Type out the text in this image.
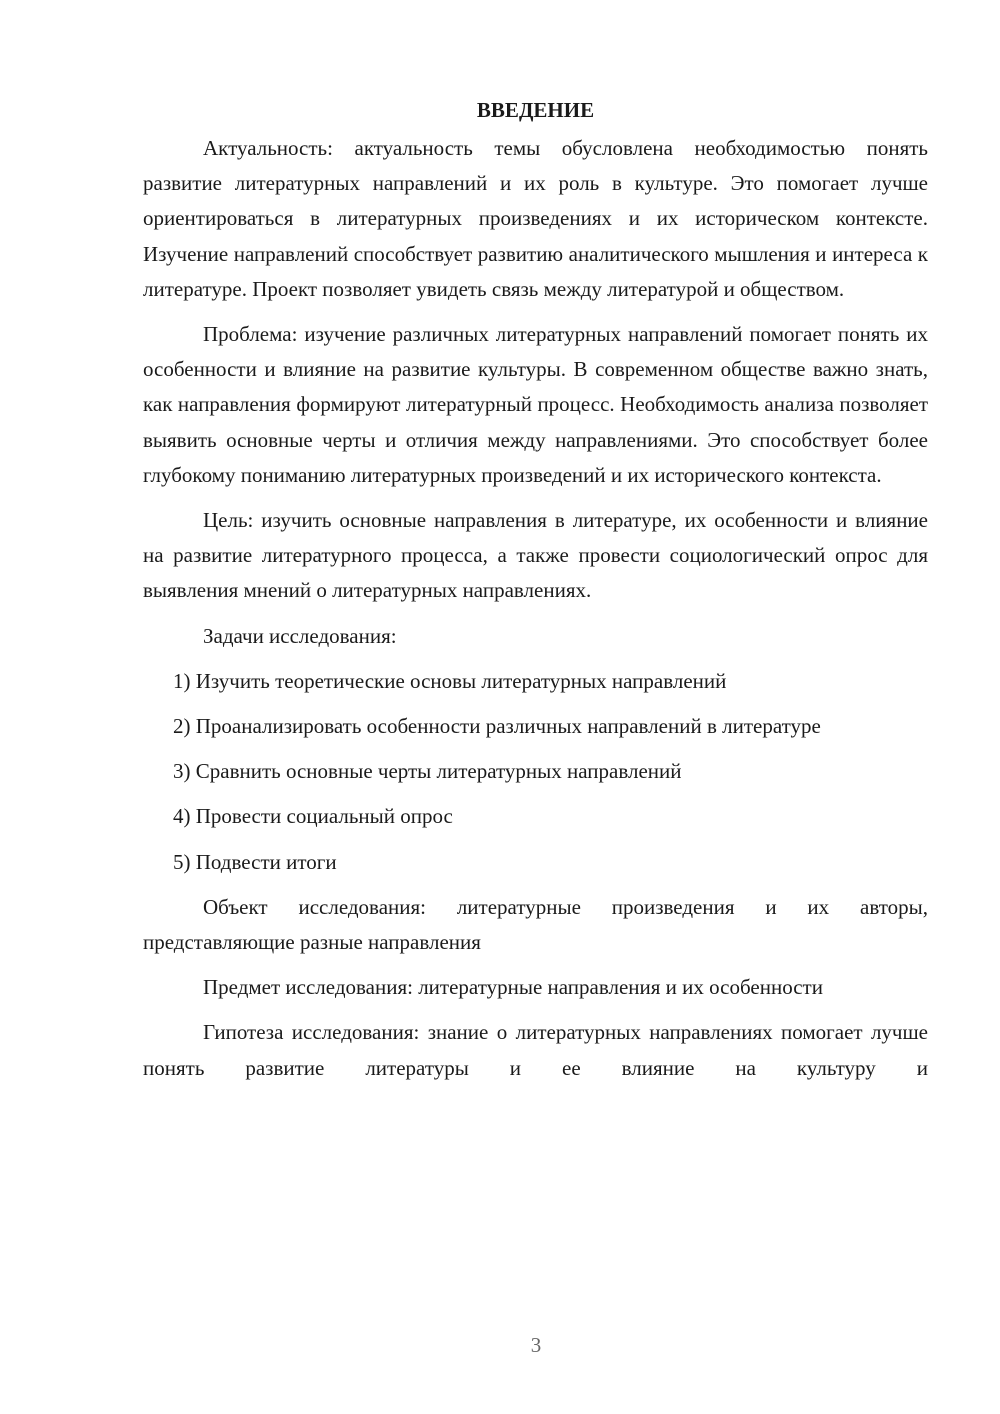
ВВЕДЕНИЕ

Актуальность: актуальность темы обусловлена необходимостью понять развитие литературных направлений и их роль в культуре. Это помогает лучше ориентироваться в литературных произведениях и их историческом контексте. Изучение направлений способствует развитию аналитического мышления и интереса к литературе. Проект позволяет увидеть связь между литературой и обществом.

Проблема: изучение различных литературных направлений помогает понять их особенности и влияние на развитие культуры. В современном обществе важно знать, как направления формируют литературный процесс. Необходимость анализа позволяет выявить основные черты и отличия между направлениями. Это способствует более глубокому пониманию литературных произведений и их исторического контекста.

Цель: изучить основные направления в литературе, их особенности и влияние на развитие литературного процесса, а также провести социологический опрос для выявления мнений о литературных направлениях.

Задачи исследования:

1) Изучить теоретические основы литературных направлений

2) Проанализировать особенности различных направлений в литературе

3) Сравнить основные черты литературных направлений

4) Провести социальный опрос

5) Подвести итоги

Объект исследования: литературные произведения и их авторы, представляющие разные направления

Предмет исследования: литературные направления и их особенности

Гипотеза исследования: знание о литературных направлениях помогает лучше понять развитие литературы и ее влияние на культуру и

3
